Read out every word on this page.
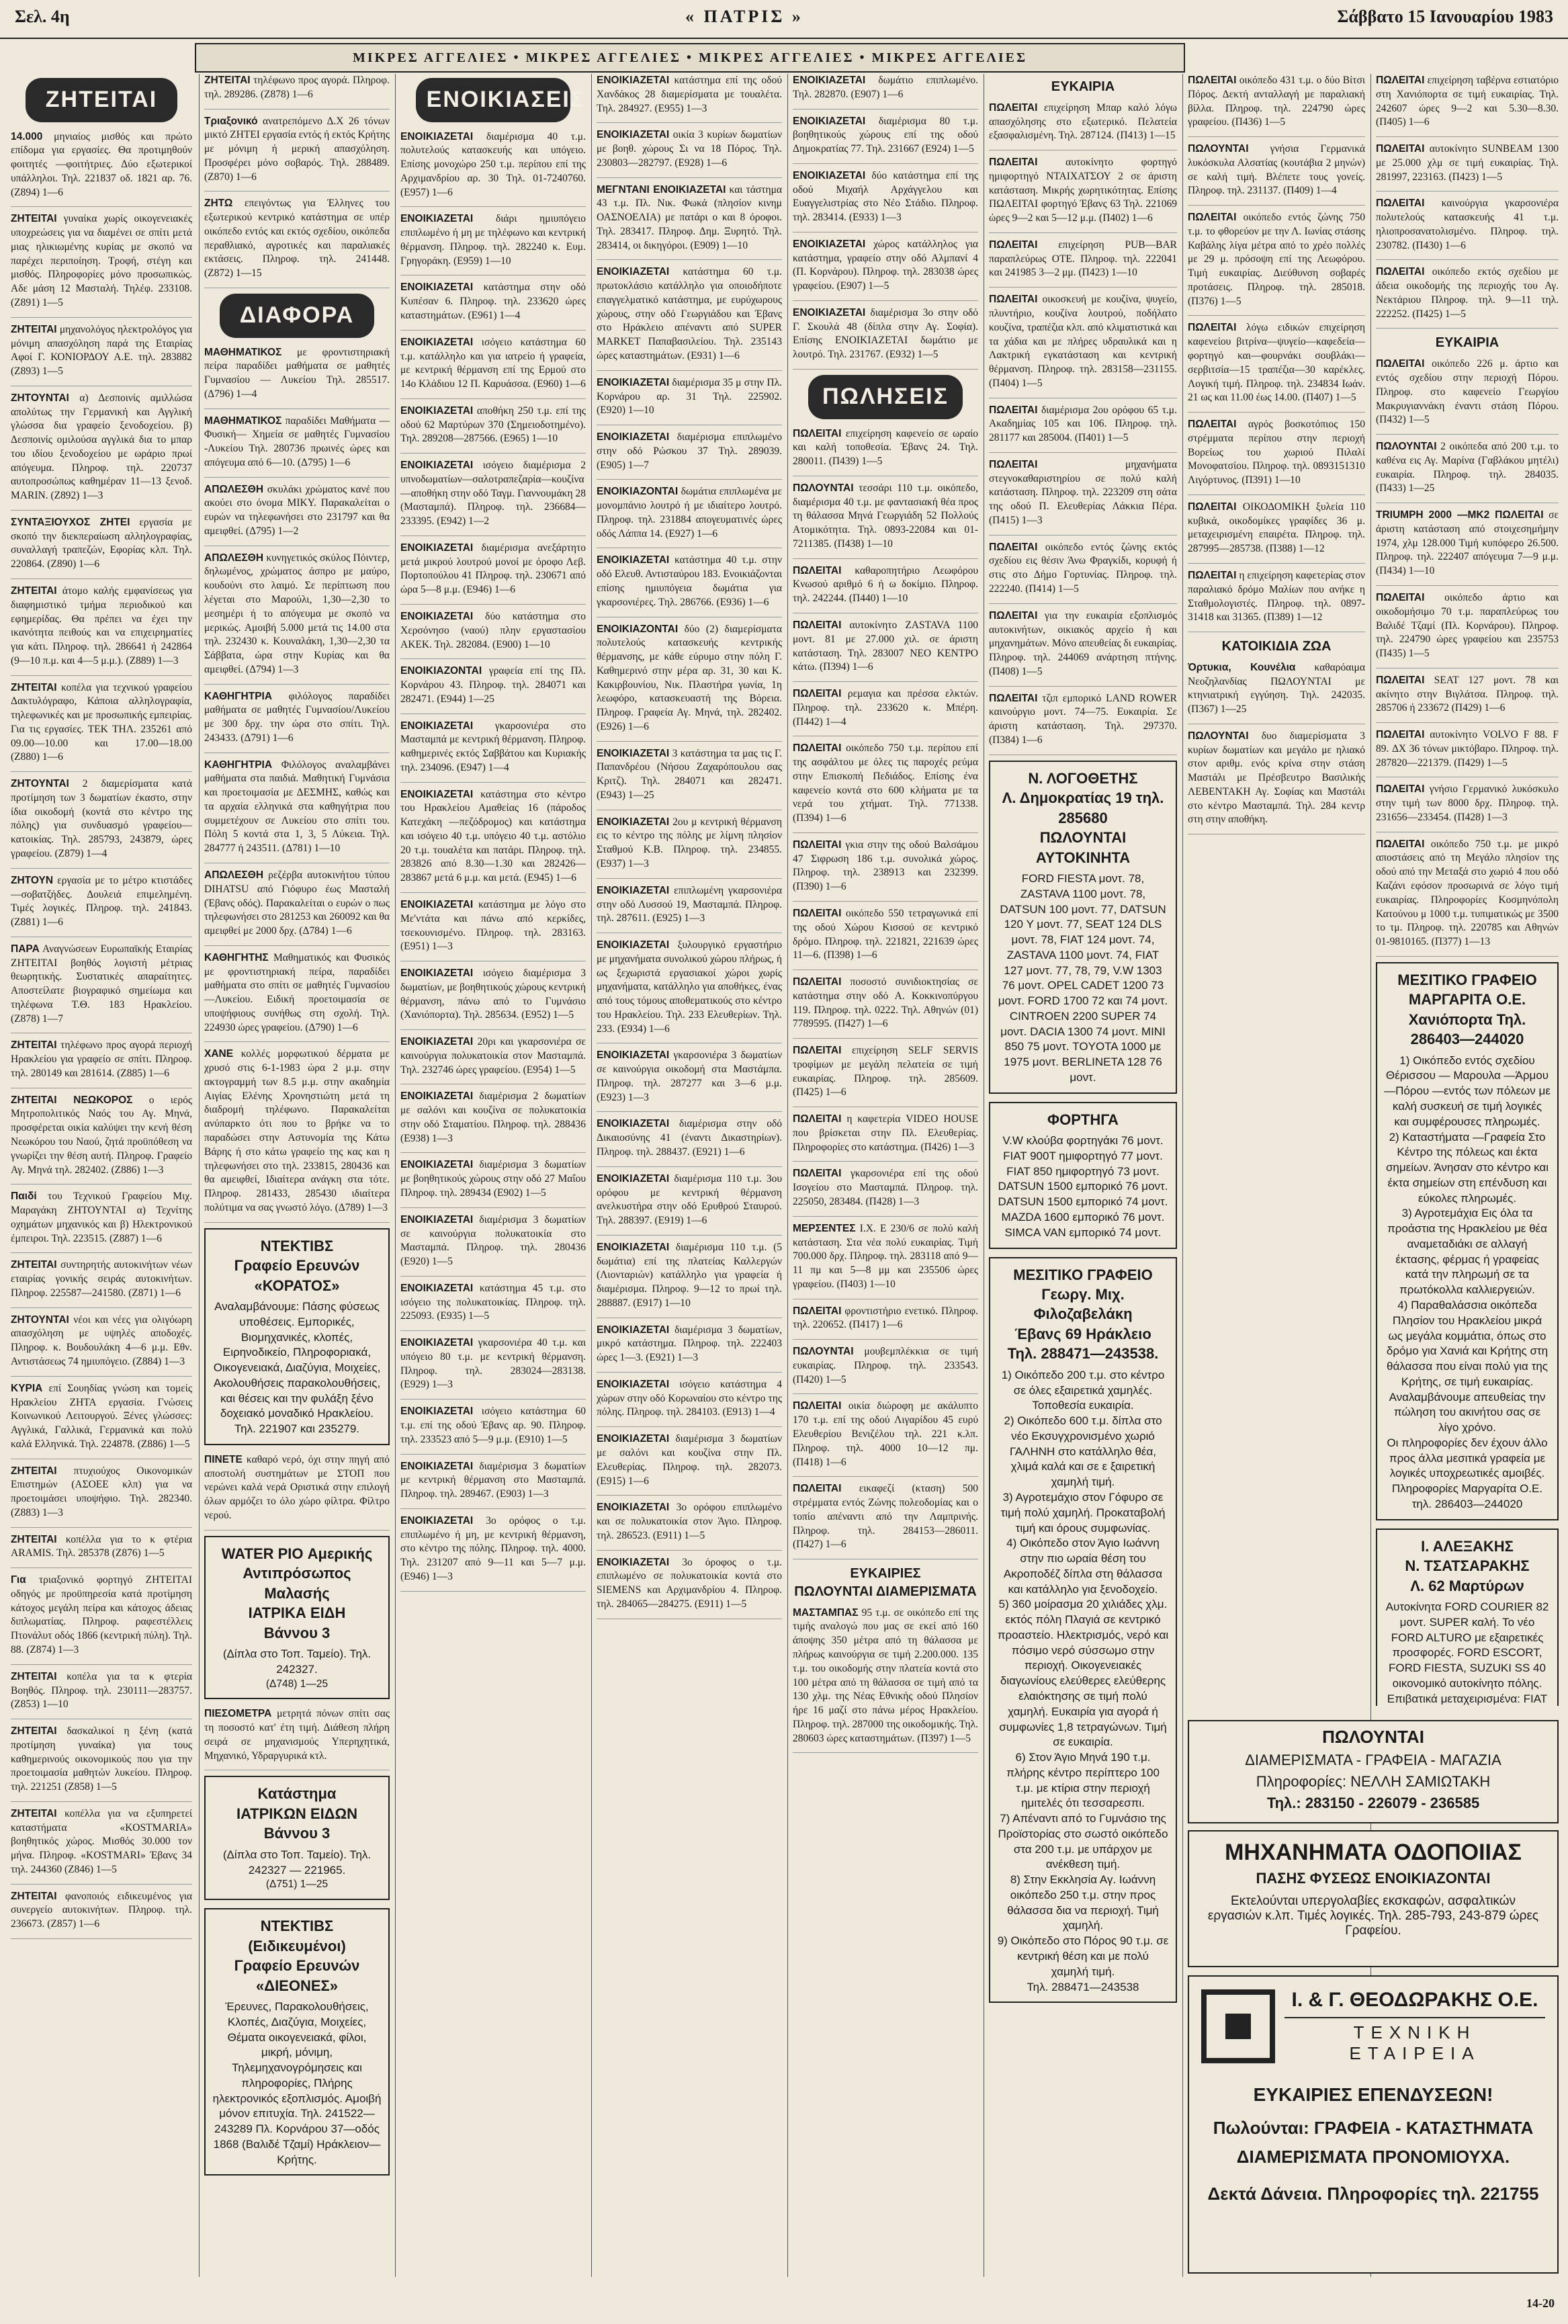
Σελ. 4η	« ΠΑΤΡΙΣ »	Σάββατο 15 Ιανουαρίου 1983
ΜΙΚΡΕΣ ΑΓΓΕΛΙΕΣ • ΜΙΚΡΕΣ ΑΓΓΕΛΙΕΣ • ΜΙΚΡΕΣ ΑΓΓΕΛΙΕΣ • ΜΙΚΡΕΣ ΑΓΓΕΛΙΕΣ
ΖΗΤΕΙΤΑΙ
14.000 μηνιαίος μισθός και πρώτο επίδομα για εργασίες. Θα προτιμηθούν φοιτητές —φοιτήτριες. Δύο εξωτερικοί υπάλληλοι. Τηλ. 221837 οδ. 1821 αρ. 76. (Ζ894) 1—6
ΖΗΤΕΙΤΑΙ γυναίκα χωρίς οικογενειακές υποχρεώσεις για να διαμένει σε σπίτι μετά μιας ηλικιωμένης κυρίας με σκοπό να παρέχει περιποίηση. Τροφή, στέγη και μισθός. Πληροφορίες μόνο προσωπικώς. Αδε μάση 12 Μασταλή. Τηλέφ. 233108. (Ζ891) 1—5
ΖΗΤΕΙΤΑΙ μηχανολόγος ηλεκτρολόγος για μόνιμη απασχόληση παρά της Εταιρίας Αφοί Γ. ΚΟΝΙΟΡΔΟΥ Α.Ε. τηλ. 283882 (Ζ893) 1—5
ΖΗΤΟΥΝΤΑΙ α) Δεσποινίς αμιλλώσα απολύτως την Γερμανική και Αγγλική γλώσσα δια γραφείο ξενοδοχείου. β) Δεσποινίς ομιλούσα αγγλικά δια το μπαρ του ιδίου ξενοδοχείου με ωράριο πρωί απόγευμα. Πληροφ. τηλ. 220737 αυτοπροσώπως καθημέραν 11—13 ξενοδ. MARIN. (Ζ892) 1—3
ΣΥΝΤΑΞΙΟΥΧΟΣ ΖΗΤΕΙ εργασία με σκοπό την διεκπεραίωση αλληλογραφίας, συναλλαγή τραπεζών, Εφορίας κλπ. Τηλ. 220864. (Ζ890) 1—6
ΖΗΤΕΙΤΑΙ άτομο καλής εμφανίσεως για διαφημιστικό τμήμα περιοδικού και εφημερίδας. Θα πρέπει να έχει την ικανότητα πειθούς και να επιχειρηματίες για κάτι. Πληροφ. τηλ. 286641 ή 242864 (9—10 π.μ. και 4—5 μ.μ.). (Ζ889) 1—3
ΖΗΤΕΙΤΑΙ κοπέλα για τεχνικού γραφείου Δακτυλόγραφο, Κάποια αλληλογραφία, τηλεφωνικές και με προσωπικής εμπειρίας. Για τις εργασίες. ΤΕΚ ΤΗΛ. 235261 από 09.00—10.00 και 17.00—18.00 (Ζ880) 1—6
ΖΗΤΟΥΝΤΑΙ 2 διαμερίσματα κατά προτίμηση των 3 δωματίων έκαστο, στην ίδια οικοδομή (κοντά στο κέντρο της πόλης) για συνδυασμό γραφείου—κατοικίας. Τηλ. 285793, 243879, ώρες γραφείου. (Ζ879) 1—4
ΖΗΤΟΥΝ εργασία με το μέτρο κτιστάδες —σοβατζήδες. Δουλειά επιμελημένη. Τιμές λογικές. Πληροφ. τηλ. 241843. (Ζ881) 1—6
ΠΑΡΑ Αναγνώσεων Ευρωπαϊκής Εταιρίας ΖΗΤΕΙΤΑΙ βοηθός λογιστή μέτριας θεωρητικής. Συστατικές απαραίτητες. Αποστείλατε βιογραφικό σημείωμα και τηλέφωνα Τ.Θ. 183 Ηρακλείου. (Ζ878) 1—7
ΖΗΤΕΙΤΑΙ τηλέφωνο προς αγορά περιοχή Ηρακλείου για γραφείο σε σπίτι. Πληροφ. τηλ. 280149 και 281614. (Ζ885) 1—6
ΖΗΤΕΙΤΑΙ ΝΕΩΚΟΡΟΣ ο ιερός Μητροπολιτικός Ναός του Αγ. Μηνά, προσφέρεται οικία καλύψει την κενή θέση Νεωκόρου του Ναού, ζητά προϋπόθεση να γνωρίζει την θέση αυτή. Πληροφ. Γραφείο Αγ. Μηνά τηλ. 282402. (Ζ886) 1—3
Παιδί του Τεχνικού Γραφείου Μιχ. Μαραγάκη ΖΗΤΟΥΝΤΑΙ α) Τεχνίτης οχημάτων μηχανικός και β) Ηλεκτρονικού έμπειροι. Τηλ. 223515. (Ζ887) 1—6
ΖΗΤΕΙΤΑΙ συντηρητής αυτοκινήτων νέων εταιρίας γονικής σειράς αυτοκινήτων. Πληροφ. 225587—241580. (Ζ871) 1—6
ΖΗΤΟΥΝΤΑΙ νέοι και νέες για ολιγόωρη απασχόληση με υψηλές αποδοχές. Πληροφ. κ. Βουδουλάκη 4—6 μ.μ. Εθν. Αντιστάσεως 74 ημιυπόγειο. (Ζ884) 1—3
ΚΥΡΙΑ επί Σουηδίας γνώση και τομείς Ηρακλείου ΖΗΤΑ εργασία. Γνώσεις Κοινωνικού Λειτουργού. Ξένες γλώσσες: Αγγλικά, Γαλλικά, Γερμανικά και πολύ καλά Ελληνικά. Τηλ. 224878. (Ζ886) 1—5
ΖΗΤΕΙΤΑΙ πτυχιούχος Οικονομικών Επιστημών (ΑΣΟΕΕ κλπ) για να προετοιμάσει υποψήφιο. Τηλ. 282340. (Ζ883) 1—3
ΖΗΤΕΙΤΑΙ κοπέλλα για το κ φτέρια ARAMIS. Τηλ. 285378 (Ζ876) 1—5
Για τριαξονικό φορτηγό ΖΗΤΕΙΤΑΙ οδηγός με προϋπηρεσία κατά προτίμηση κάτοχος μεγάλη πείρα και κάτοχος άδειας διπλωματίας. Πληροφ. ραφεστέλλεις Πτονάλυτ οδός 1866 (κεντρική πύλη). Τηλ. 88. (Ζ874) 1—3
ΖΗΤΕΙΤΑΙ κοπέλα για τα κ φτερία Βοηθός. Πληροφ. τηλ. 230111—283757. (Ζ853) 1—10
ΖΗΤΕΙΤΑΙ δασκαλικοί η ξένη (κατά προτίμηση γυναίκα) για τους καθημερινούς οικονομικούς που για την προετοιμασία μαθητών λυκείου. Πληροφ. τηλ. 221251 (Ζ858) 1—5
ΖΗΤΕΙΤΑΙ κοπέλλα για να εξυπηρετεί καταστήματα «KOSTMARIA» βοηθητικός χώρος. Μισθός 30.000 τον μήνα. Πληροφ. «KOSTMARI» Έβανς 34 τηλ. 244360 (Ζ846) 1—5
ΖΗΤΕΙΤΑΙ φανοποιός ειδικευμένος για συνεργείο αυτοκινήτων. Πληροφ. τηλ. 236673. (Ζ857) 1—6
ΖΗΤΕΙΤΑΙ τηλέφωνο προς αγορά. Πληροφ. τηλ. 289286. (Ζ878) 1—6
Τριαξονικό ανατρεπόμενο Δ.Χ 26 τόνων μικτό ΖΗΤΕΙ εργασία εντός ή εκτός Κρήτης με μόνιμη ή μερική απασχόληση. Προσφέρει μόνο σοβαρός. Τηλ. 288489. (Ζ870) 1—6
ΖΗΤΩ επειγόντως για Έλληνες του εξωτερικού κεντρικό κατάστημα σε υπέρ οικόπεδο εντός και εκτός σχεδίου, οικόπεδα περαθλιακό, αγροτικές και παραλιακές εκτάσεις. Πληροφ. τηλ. 241448. (Ζ872) 1—15
ΔΙΑΦΟΡΑ
ΜΑΘΗΜΑΤΙΚΟΣ με φροντιστηριακή πείρα παραδίδει μαθήματα σε μαθητές Γυμνασίου — Λυκείου Τηλ. 285517. (Δ796) 1—4
ΜΑΘΗΜΑΤΙΚΟΣ παραδίδει Μαθήματα —Φυσική— Χημεία σε μαθητές Γυμνασίου -Λυκείου Τηλ. 280736 πρωινές ώρες και απόγευμα από 6—10. (Δ795) 1—6
ΑΠΩΛΕΣΘΗ σκυλάκι χρώματος κανέ που ακούει στο όνομα ΜΙΚΥ. Παρακαλείται ο ευρών να τηλεφωνήσει στο 231797 και θα αμειφθεί. (Δ795) 1—2
ΑΠΩΛΕΣΘΗ κυνηγετικός σκύλος Πόιντερ, δηλωμένος, χρώματος άσπρο με μαύρο, κουδούνι στο λαιμό. Σε περίπτωση που λέγεται στο Μαρούλι, 1,30—2,30 το μεσημέρι ή το απόγευμα με σκοπό να μερικώς. Αμοιβή 5.000 μετά τις 14.00 στα τηλ. 232430 κ. Κουναλάκη, 1,30—2,30 τα Σάββατα, ώρα στην Κυρίας και θα αμειφθεί. (Δ794) 1—3
ΚΑΘΗΓΗΤΡΙΑ φιλόλογος παραδίδει μαθήματα σε μαθητές Γυμνασίου/Λυκείου με 300 δρχ. την ώρα στο σπίτι. Τηλ. 243433. (Δ791) 1—6
ΚΑΘΗΓΗΤΡΙΑ Φιλόλογος αναλαμβάνει μαθήματα στα παιδιά. Μαθητική Γυμνάσια και προετοιμασία με ΔΕΣΜΗΣ, καθώς και τα αρχαία ελληνικά στα καθηγήτρια που συμμετέχουν σε Λυκείου στο σπίτι του. Πόλη 5 κοντά στα 1, 3, 5 Λύκεια. Τηλ. 284777 ή 243511. (Δ781) 1—10
ΑΠΩΛΕΣΘΗ ρεζέρβα αυτοκινήτου τύπου DIHATSU από Γιόφυρο έως Μασταλή (Έβανς οδός). Παρακαλείται ο ευρών ο πως τηλεφωνήσει στο 281253 και 260092 και θα αμειφθεί με 2000 δρχ. (Δ784) 1—6
ΚΑΘΗΓΗΤΗΣ Μαθηματικός και Φυσικός με φροντιστηριακή πείρα, παραδίδει μαθήματα στο σπίτι σε μαθητές Γυμνασίου—Λυκείου. Ειδική προετοιμασία σε υποψήφιους συνήθως στη σχολή. Τηλ. 224930 ώρες γραφείου. (Δ790) 1—6
ΧΑΝΕ κολλές μορφωτικού δέρματα με χρυσό στις 6-1-1983 ώρα 2 μ.μ. στην ακτογραμμή των 8.5 μ.μ. στην ακαδημία Αιγίας Ελένης Χρονηστιώτη μετά τη διαδρομή τηλέφωνο. Παρακαλείται ανύπαρκτο ότι που το βρήκε να το παραδώσει στην Αστυνομία της Κάτω Βάρης ή στο κάτω γραφείο της κας και η τηλεφωνήσει στο τηλ. 233815, 280436 και θα αμειφθεί, Ιδιαίτερα ανάγκη στα τότε. Πληροφ. 281433, 285430 ιδιαίτερα πολύτιμα να σας γνωστό λόγο. (Δ789) 1—3
ΝΤΕΚΤΙΒΣ
Γραφείο Ερευνών
«ΚΟΡΑΤΟΣ»
Αναλαμβάνουμε: Πάσης φύσεως υποθέσεις. Εμπορικές, Βιομηχανικές, κλοπές, Ειρηνοδικείο, Πληροφοριακά, Οικογενειακά, Διαζύγια, Μοιχείες, Ακολουθήσεις παρακολουθήσεις, και θέσεις και την φυλάξη ξένο δοχειακό μοναδικό Ηρακλείου. Τηλ. 221907 και 235279.
ΠΙΝΕΤΕ καθαρό νερό, όχι στην πηγή από αποστολή συστημάτων με ΣΤΟΠ που νερώνει καλά νερά Οριστικά στην επιλογή όλων αρμόζει το όλο χώρο φίλτρα. Φίλτρο νερού.
WATER PIO Αμερικής
Αντιπρόσωπος Μαλασής
ΙΑΤΡΙΚΑ ΕΙΔΗ
Βάννου 3
(Δίπλα στο Τοπ. Ταμείο). Τηλ. 242327.
(Δ748) 1—25
ΠΙΕΣΟΜΕΤΡΑ μετρητά πόνων σπίτι σας τη ποσοστό κατ' έτη τιμή. Διάθεση πλήρη σειρά σε μηχανισμούς Υπερηχητικά, Μηχανικό, Υδραργυρικά κτλ.
Κατάστημα
ΙΑΤΡΙΚΩΝ ΕΙΔΩΝ
Βάννου 3
(Δίπλα στο Τοπ. Ταμείο). Τηλ. 242327 — 221965.
(Δ751) 1—25
ΝΤΕΚΤΙΒΣ
(Ειδικευμένοι)
Γραφείο Ερευνών
«ΔΙΕΟΝΕΣ»
Έρευνες, Παρακολουθήσεις, Κλοπές, Διαζύγια, Μοιχείες, Θέματα οικογενειακά, φίλοι, μικρή, μόνιμη, Τηλεμηχανογρόμησεις και πληροφορίες, Πλήρης ηλεκτρονικός εξοπλισμός. Αμοιβή μόνον επιτυχία. Τηλ. 241522—243289 Πλ. Κορνάρου 37—οδός 1868 (Βαλιδέ Τζαμί) Ηράκλειον—Κρήτης.
ΕΝΟΙΚΙΑΣΕΙΣ
ΕΝΟΙΚΙΑΖΕΤΑΙ διαμέρισμα 40 τ.μ. πολυτελούς κατασκευής και υπόγειο. Επίσης μονοχώρο 250 τ.μ. περίπου επί της Αρχιμανδρίου αρ. 30 Τηλ. 01-7240760. (Ε957) 1—6
ΕΝΟΙΚΙΑΖΕΤΑΙ διάρι ημιυπόγειο επιπλωμένο ή μη με τηλέφωνο και κεντρική θέρμανση. Πληροφ. τηλ. 282240 κ. Ευμ. Γρηγοράκη. (Ε959) 1—10
ΕΝΟΙΚΙΑΖΕΤΑΙ κατάστημα στην οδό Κυπέσαν 6. Πληροφ. τηλ. 233620 ώρες καταστημάτων. (Ε961) 1—4
ΕΝΟΙΚΙΑΖΕΤΑΙ ισόγειο κατάστημα 60 τ.μ. κατάλληλο και για ιατρείο ή γραφεία, με κεντρική θέρμανση επί της Ερμού στο 14ο Κλάδιου 12 Π. Καρυάσσα. (Ε960) 1—6
ΕΝΟΙΚΙΑΖΕΤΑΙ αποθήκη 250 τ.μ. επί της οδού 62 Μαρτύρων 370 (Σημειοδοτημένο). Τηλ. 289208—287566. (Ε965) 1—10
ΕΝΟΙΚΙΑΖΕΤΑΙ ισόγειο διαμέρισμα 2 υπνοδωματίων—σαλοτραπεζαρία—κουζίνα—αποθήκη στην οδό Ταγμ. Γιαννουμάκη 28 (Μασταμπά). Πληροφ. τηλ. 236684—233395. (Ε942) 1—2
ΕΝΟΙΚΙΑΖΕΤΑΙ διαμέρισμα ανεξάρτητο μετά μικρού λουτρού μονοί με όροφο Λεβ. Πορτοπούλου 41 Πληροφ. τηλ. 230671 από ώρα 5—8 μ.μ. (Ε946) 1—6
ΕΝΟΙΚΙΑΖΕΤΑΙ δύο κατάστημα στο Χερσόνησο (ναού) πλην εργαστασίου ΑΚΕΚ. Τηλ. 282084. (Ε900) 1—10
ΕΝΟΙΚΙΑΖΟΝΤΑΙ γραφεία επί της Πλ. Κορνάρου 43. Πληροφ. τηλ. 284071 και 282471. (Ε944) 1—25
ΕΝΟΙΚΙΑΖΕΤΑΙ γκαρσονιέρα στο Μασταμπά με κεντρική θέρμανση. Πληροφ. καθημερινές εκτός Σαββάτου και Κυριακής τηλ. 234096. (Ε947) 1—4
ΕΝΟΙΚΙΑΖΕΤΑΙ κατάστημα στο κέντρο του Ηρακλείου Αμαθείας 16 (πάροδος Κατεχάκη —πεζόδρομος) και κατάστημα και ισόγειο 40 τ.μ. υπόγειο 40 τ.μ. αστόλιο 20 τ.μ. τουαλέτα και πατάρι. Πληροφ. τηλ. 283826 από 8.30—1.30 και 282426—283867 μετά 6 μ.μ. και μετά. (Ε945) 1—6
ΕΝΟΙΚΙΑΖΕΤΑΙ κατάστημα με λόγο στο Με'ντάτα και πάνω από κερκίδες, τσεκουνισμένο. Πληροφ. τηλ. 283163. (Ε951) 1—3
ΕΝΟΙΚΙΑΖΕΤΑΙ ισόγειο διαμέρισμα 3 δωματίων, με βοηθητικούς χώρους κεντρική θέρμανση, πάνω από το Γυμνάσιο (Χανιόπορτα). Τηλ. 285634. (Ε952) 1—5
ΕΝΟΙΚΙΑΖΕΤΑΙ 20ρι και γκαρσονιέρα σε καινούργια πολυκατοικία στον Μασταμπά. Τηλ. 232746 ώρες γραφείου. (Ε954) 1—5
ΕΝΟΙΚΙΑΖΕΤΑΙ διαμέρισμα 2 δωματίων με σαλόνι και κουζίνα σε πολυκατοικία στην οδό Σταματίου. Πληροφ. τηλ. 288436 (Ε938) 1—3
ΕΝΟΙΚΙΑΖΕΤΑΙ διαμέρισμα 3 δωματίων με βοηθητικούς χώρους στην οδό 27 Μαΐου Πληροφ. τηλ. 289434 (Ε902) 1—5
ΕΝΟΙΚΙΑΖΕΤΑΙ διαμέρισμα 3 δωματίων σε καινούργια πολυκατοικία στο Μασταμπά. Πληροφ. τηλ. 280436 (Ε920) 1—5
ΕΝΟΙΚΙΑΖΕΤΑΙ κατάστημα 45 τ.μ. στο ισόγειο της πολυκατοικίας. Πληροφ. τηλ. 225093. (Ε935) 1—5
ΕΝΟΙΚΙΑΖΕΤΑΙ γκαρσονιέρα 40 τ.μ. και υπόγειο 80 τ.μ. με κεντρική θέρμανση. Πληροφ. τηλ. 283024—283138. (Ε929) 1—3
ΕΝΟΙΚΙΑΖΕΤΑΙ ισόγειο κατάστημα 60 τ.μ. επί της οδού Έβανς αρ. 90. Πληροφ. τηλ. 233523 από 5—9 μ.μ. (Ε910) 1—5
ΕΝΟΙΚΙΑΖΕΤΑΙ διαμέρισμα 3 δωματίων με κεντρική θέρμανση στο Μασταμπά. Πληροφ. τηλ. 289467. (Ε903) 1—3
ΕΝΟΙΚΙΑΖΕΤΑΙ 3ο ορόφος ο τ.μ. επιπλωμένο ή μη, με κεντρική θέρμανση, στο κέντρο της πόλης. Πληροφ. τηλ. 4000. Τηλ. 231207 από 9—11 και 5—7 μ.μ. (Ε946) 1—3
ΕΝΟΙΚΙΑΖΕΤΑΙ κατάστημα επί της οδού Χανδάκος 28 διαμερίσματα με τουαλέτα. Τηλ. 284927. (Ε955) 1—3
ΕΝΟΙΚΙΑΖΕΤΑΙ οικία 3 κυρίων δωματίων με βοηθ. χώρους Σι να 18 Πόρος. Τηλ. 230803—282797. (Ε928) 1—6
ΜΕΓΝΤΑΝΙ ΕΝΟΙΚΙΑΖΕΤΑΙ και τάστημα 43 τ.μ. Πλ. Νικ. Φωκά (πλησίον κινημ ΟΑΣΝΟΕΛΙΑ) με πατάρι ο και 8 όροφοι. Τηλ. 283417. Πληροφ. Δημ. Ξυρητό. Τηλ. 283414, οι δικηγόροι. (Ε909) 1—10
ΕΝΟΙΚΙΑΖΕΤΑΙ κατάστημα 60 τ.μ. πρωτοκλάσιο κατάλληλο για οποιοδήποτε επαγγελματικό κατάστημα, με ευρύχωρους χώρους, στην οδό Γεωργιάδου και Έβανς στο Ηράκλειο απέναντι από SUPER MARKET Παπαβασιλείου. Τηλ. 235143 ώρες καταστημάτων. (Ε931) 1—6
ΕΝΟΙΚΙΑΖΕΤΑΙ διαμέρισμα 35 μ στην Πλ. Κορνάρου αρ. 31 Τηλ. 225902. (Ε920) 1—10
ΕΝΟΙΚΙΑΖΕΤΑΙ διαμέρισμα επιπλωμένο στην οδό Ρώσκου 37 Τηλ. 289039. (Ε905) 1—7
ΕΝΟΙΚΙΑΖΟΝΤΑΙ δωμάτια επιπλωμένα με μονομπάνιο λουτρό ή με ιδιαίτερο λουτρό. Πληροφ. τηλ. 231884 απογευματινές ώρες οδός Λάππα 14. (Ε927) 1—6
ΕΝΟΙΚΙΑΖΕΤΑΙ κατάστημα 40 τ.μ. στην οδό Ελευθ. Αντισταύρου 183. Ενοικιάζονται επίσης ημιυπόγεια δωμάτια για γκαρσονιέρες. Τηλ. 286766. (Ε936) 1—6
ΕΝΟΙΚΙΑΖΟΝΤΑΙ δύο (2) διαμερίσματα πολυτελούς κατασκευής κεντρικής θέρμανσης, με κάθε εύρυμο στην πόλη Γ. Καθημερινό στην μέρα αρ. 31, 30 και Κ. Κακιρβουνίου, Νικ. Πλαστήρα γωνία, 1η λεωφόρο, κατασκευαστή της Βόρεια. Πληροφ. Γραφεία Αγ. Μηνά, τηλ. 282402. (Ε926) 1—6
ΕΝΟΙΚΙΑΖΕΤΑΙ 3 κατάστημα τα μας τις Γ. Παπανδρέου (Νήσου Ζαχαρόπουλου σας Κριτζ). Τηλ. 284071 και 282471. (Ε943) 1—25
ΕΝΟΙΚΙΑΖΕΤΑΙ 2ου μ κεντρική θέρμανση εις το κέντρο της πόλης με λίμνη πλησίον Σταθμού Κ.Β. Πληροφ. τηλ. 234855. (Ε937) 1—3
ΕΝΟΙΚΙΑΖΕΤΑΙ επιπλωμένη γκαρσονιέρα στην οδό Λυσσού 19, Μασταμπά. Πληροφ. τηλ. 287611. (Ε925) 1—3
ΕΝΟΙΚΙΑΖΕΤΑΙ ξυλουργικό εργαστήριο με μηχανήματα συνολικού χώρου πλήρως, ή ως ξεχωριστά εργασιακοί χώροι χωρίς μηχανήματα, κατάλληλο για αποθήκες, ένας από τους τόμους αποθεματικούς στο κέντρο του Ηρακλείου. Τηλ. 233 Ελευθερίων. Τηλ. 233. (Ε934) 1—6
ΕΝΟΙΚΙΑΖΕΤΑΙ γκαρσονιέρα 3 δωματίων σε καινούργια οικοδομή στα Μαστάμπα. Πληροφ. τηλ. 287277 και 3—6 μ.μ. (Ε923) 1—3
ΕΝΟΙΚΙΑΖΕΤΑΙ διαμέρισμα στην οδό Δικαιοσύνης 41 (έναντι Δικαστηρίων). Πληροφ. τηλ. 288437. (Ε921) 1—6
ΕΝΟΙΚΙΑΖΕΤΑΙ διαμέρισμα 110 τ.μ. 3ου ορόφου με κεντρική θέρμανση ανελκυστήρα στην οδό Ερυθρού Σταυρού. Τηλ. 288397. (Ε919) 1—6
ΕΝΟΙΚΙΑΖΕΤΑΙ διαμέρισμα 110 τ.μ. (5 δωμάτια) επί της πλατείας Καλλεργών (Λιονταριών) κατάλληλο για γραφεία ή διαμέρισμα. Πληροφ. 9—12 το πρωί τηλ. 288887. (Ε917) 1—10
ΕΝΟΙΚΙΑΖΕΤΑΙ διαμέρισμα 3 δωματίων, μικρό κατάστημα. Πληροφ. τηλ. 222403 ώρες 1—3. (Ε921) 1—3
ΕΝΟΙΚΙΑΖΕΤΑΙ ισόγειο κατάστημα 4 χώρων στην οδό Κορωναίου στο κέντρο της πόλης. Πληροφ. τηλ. 284103. (Ε913) 1—4
ΕΝΟΙΚΙΑΖΕΤΑΙ διαμέρισμα 3 δωματίων με σαλόνι και κουζίνα στην Πλ. Ελευθερίας. Πληροφ. τηλ. 282073. (Ε915) 1—6
ΕΝΟΙΚΙΑΖΕΤΑΙ 3ο ορόφου επιπλωμένο και σε πολυκατοικία στον Άγιο. Πληροφ. τηλ. 286523. (Ε911) 1—5
ΕΝΟΙΚΙΑΖΕΤΑΙ 3ο όροφος ο τ.μ. επιπλωμένο σε πολυκατοικία κοντά στο SIEMENS και Αρχιμανδρίου 4. Πληροφ. τηλ. 284065—284275. (Ε911) 1—5
ΕΝΟΙΚΙΑΖΕΤΑΙ δωμάτιο επιπλωμένο. Τηλ. 282870. (Ε907) 1—6
ΕΝΟΙΚΙΑΖΕΤΑΙ διαμέρισμα 80 τ.μ. βοηθητικούς χώρους επί της οδού Δημοκρατίας 77. Τηλ. 231667 (Ε924) 1—5
ΕΝΟΙΚΙΑΖΕΤΑΙ δύο κατάστημα επί της οδού Μιχαήλ Αρχάγγελου και Ευαγγελιστρίας στο Νέο Στάδιο. Πληροφ. τηλ. 283414. (Ε933) 1—3
ΕΝΟΙΚΙΑΖΕΤΑΙ χώρος κατάλληλος για κατάστημα, γραφείο στην οδό Αλμπανί 4 (Π. Κορνάρου). Πληροφ. τηλ. 283038 ώρες γραφείου. (Ε907) 1—5
ΕΝΟΙΚΙΑΖΕΤΑΙ διαμέρισμα 3ο στην οδό Γ. Σκουλά 48 (δίπλα στην Αγ. Σοφία). Επίσης ΕΝΟΙΚΙΑΖΕΤΑΙ δωμάτιο με λουτρό. Τηλ. 231767. (Ε932) 1—5
ΠΩΛΗΣΕΙΣ
ΠΩΛΕΙΤΑΙ επιχείρηση καφενείο σε ωραίο και καλή τοποθεσία. Έβανς 24. Τηλ. 280011. (Π439) 1—5
ΠΩΛΟΥΝΤΑΙ τεσσάρι 110 τ.μ. οικόπεδο, διαμέρισμα 40 τ.μ. με φαντασιακή θέα προς τη θάλασσα Μηνά Γεωργιάδη 52 Πολλούς Ατομικότητα. Τηλ. 0893-22084 και 01-7211385. (Π438) 1—10
ΠΩΛΕΙΤΑΙ καθαροπητήριο Λεωφόρου Κνωσού αριθμό 6 ή ω δοκίμιο. Πληροφ. τηλ. 242244. (Π440) 1—10
ΠΩΛΕΙΤΑΙ αυτοκίνητο ZASTAVA 1100 μοντ. 81 με 27.000 χιλ. σε άριστη κατάσταση. Τηλ. 283007 ΝΕΟ ΚΕΝΤΡΟ κάτω. (Π394) 1—6
ΠΩΛΕΙΤΑΙ ρεμαγια και πρέσσα ελκτών. Πληροφ. τηλ. 233620 κ. Μπέρη. (Π442) 1—4
ΠΩΛΕΙΤΑΙ οικόπεδο 750 τ.μ. περίπου επί της ασφάλτου με όλες τις παροχές ρεύμα στην Επισκοπή Πεδιάδος. Επίσης ένα καφενείο κοντά στο 600 κλήματα με τα νερά του χτήματ. Τηλ. 771338. (Π394) 1—6
ΠΩΛΕΙΤΑΙ γκια στην της οδού Βαλσάμου 47 Σιφρωση 186 τ.μ. συνολικά χώρος. Πληροφ. τηλ. 238913 και 232399. (Π390) 1—6
ΠΩΛΕΙΤΑΙ οικόπεδο 550 τετραγωνικά επί της οδού Χώρου Κισσού σε κεντρικό δρόμο. Πληροφ. τηλ. 221821, 221639 ώρες 11—6. (Π398) 1—6
ΠΩΛΕΙΤΑΙ ποσοστό συνιδιοκτησίας σε κατάστημα στην οδό Α. Κοκκινοπύργου 119. Πληροφ. τηλ. 0222. Τηλ. Αθηνών (01) 7789595. (Π427) 1—6
ΠΩΛΕΙΤΑΙ επιχείρηση SELF SERVIS τροφίμων με μεγάλη πελατεία σε τιμή ευκαιρίας. Πληροφ. τηλ. 285609. (Π425) 1—6
ΠΩΛΕΙΤΑΙ η καφετερία VIDEO HOUSE που βρίσκεται στην Πλ. Ελευθερίας. Πληροφορίες στο κατάστημα. (Π426) 1—3
ΠΩΛΕΙΤΑΙ γκαρσονιέρα επί της οδού Ισογείου στο Μασταμπά. Πληροφ. τηλ. 225050, 283484. (Π428) 1—3
ΜΕΡΣΕΝΤΕΣ Ι.Χ. Ε 230/6 σε πολύ καλή κατάσταση. Στα νέα πολύ ευκαιρίας. Τιμή 700.000 δρχ. Πληροφ. τηλ. 283118 από 9—11 πμ και 5—8 μμ και 235506 ώρες γραφείου. (Π403) 1—10
ΠΩΛΕΙΤΑΙ φροντιστήριο ενετικό. Πληροφ. τηλ. 220652. (Π417) 1—6
ΠΩΛΟΥΝΤΑΙ μουβεμπλέκκια σε τιμή ευκαιρίας. Πληροφ. τηλ. 233543. (Π420) 1—5
ΠΩΛΕΙΤΑΙ οικία διώροφη με ακάλυπτο 170 τ.μ. επί της οδού Λιγαρίδου 45 ευρύ Ελευθερίου Βενιζέλου τηλ. 221 κ.λπ. Πληροφ. τηλ. 4000 10—12 πμ. (Π418) 1—6
ΠΩΛΕΙΤΑΙ εικαφεζί (κταση) 500 στρέμματα εντός Ζώνης πολεοδομίας και ο τοπίο απέναντι από την Λαμπρινής. Πληροφ. τηλ. 284153—286011. (Π427) 1—6
ΕΥΚΑΙΡΙΕΣ
ΠΩΛΟΥΝΤΑΙ ΔΙΑΜΕΡΙΣΜΑΤΑ
ΜΑΣΤΑΜΠΑΣ 95 τ.μ. σε οικόπεδο επί της τιμής αναλογώ που μας σε εκεί από 160 άποψης 350 μέτρα από τη θάλασσα με πλήρως καινούργια σε τιμή 2.200.000. 135 τ.μ. του οικοδομής στην πλατεία κοντά στο 100 μέτρα από τη θάλασσα σε τιμή από τα 130 χλμ. της Νέας Εθνικής οδού Πλησίον ήρε 16 μαζί στο πάνω μέρος Ηρακλείου. Πληροφ. τηλ. 287000 της οικοδομικής. Τηλ. 280603 ώρες καταστημάτων. (Π397) 1—5
ΕΥΚΑΙΡΙΑ
ΠΩΛΕΙΤΑΙ επιχείρηση Μπαρ καλό λόγω απασχόλησης στο εξωτερικό. Πελατεία εξασφαλισμένη. Τηλ. 287124. (Π413) 1—15
ΠΩΛΕΙΤΑΙ	αυτοκίνητο φορτηγό ημιφορτηγό ΝΤΑΙΧΑΤΣΟΥ 2 σε άριστη κατάσταση. Μικρής χωρητικότητας. Επίσης ΠΩΛΕΙΤΑΙ φορτηγό Έβανς 63 Τηλ. 221069 ώρες 9—2 και 5—12 μ.μ. (Π402) 1—6
ΠΩΛΕΙΤΑΙ επιχείρηση PUB—BAR παραπλεύρως ΟΤΕ. Πληροφ. τηλ. 222041 και 241985 3—2 μμ. (Π423) 1—10
ΠΩΛΕΙΤΑΙ οικοσκευή με κουζίνα, ψυγείο, πλυντήριο, κουζίνα λουτρού, ποδήλατο κουζίνα, τραπέζια κλπ. από κλιματιστικά και τα χάδια και με πλήρες υδραυλικά και η Λακτρική εγκατάσταση και κεντρική θέρμανση. Πληροφ. τηλ. 283158—231155. (Π404) 1—5
ΠΩΛΕΙΤΑΙ διαμέρισμα 2ου ορόφου 65 τ.μ. Ακαδημίας 105 και 106. Πληροφ. τηλ. 281177 και 285004. (Π401) 1—5
ΠΩΛΕΙΤΑΙ	μηχανήματα στεγνοκαθαριστηρίου σε πολύ καλή κατάσταση. Πληροφ. τηλ. 223209 στη σάτα της οδού Π. Ελευθερίας Λάκκια Πέρα. (Π415) 1—3
ΠΩΛΕΙΤΑΙ οικόπεδο εντός ζώνης εκτός σχεδίου εις θέσιν Άνω Φραγκίδι, κορυφή ή στις στο Δήμο Γορτυνίας. Πληροφ. τηλ. 222240. (Π414) 1—5
ΠΩΛΕΙΤΑΙ για την ευκαιρία εξοπλισμός αυτοκινήτων, οικιακός αρχείο ή και μηχανημάτων. Μόνο απευθείας δι ευκαιρίας. Πληροφ. τηλ. 244069 ανάρτηση πτήνης. (Π408) 1—5
ΠΩΛΕΙΤΑΙ τζιπ εμπορικό LAND ROWER καινούργιο μοντ. 74—75. Ευκαιρία. Σε άριστη κατάσταση. Τηλ. 297370. (Π384) 1—6
Ν. ΛΟΓΟΘΕΤΗΣ
Λ. Δημοκρατίας 19 τηλ. 285680
ΠΩΛΟΥΝΤΑΙ ΑΥΤΟΚΙΝΗΤΑ
FORD FIESTA μοντ. 78, ZASTAVA 1100 μοντ. 78, DATSUN 100 μοντ. 77, DATSUN 120 Υ μοντ. 77, SEAT 124 DLS μοντ. 78, FIAT 124 μοντ. 74, ZASTAVA 1100 μοντ. 74, FIAT 127 μοντ. 77, 78, 79, V.W 1303 76 μοντ. OPEL CADET 1200 73 μοντ. FORD 1700 72 και 74 μοντ. CINTROEN 2200 SUPER 74 μοντ. DACIA 1300 74 μοντ. MINI 850 75 μοντ. TOYOTA 1000 με 1975 μοντ. BERLINETA 128 76 μοντ.
ΦΟΡΤΗΓΑ
V.W κλούβα φορτηγάκι 76 μοντ. FIAT 900T ημιφορτηγό 77 μοντ. FIAT 850 ημιφορτηγό 73 μοντ. DATSUN 1500 εμπορικό 76 μοντ. DATSUN 1500 εμπορικό 74 μοντ. MAZDA 1600 εμπορικό 76 μοντ. SIMCA VAN εμπορικό 74 μοντ.
ΜΕΣΙΤΙΚΟ ΓΡΑΦΕΙΟ
Γεωργ. Μιχ. Φιλοζαβελάκη
Έβανς 69 Ηράκλειο
Τηλ. 288471—243538.
1) Οικόπεδο 200 τ.μ. στο κέντρο σε όλες εξαιρετικά χαμηλές. Τοποθεσία ευκαιρία.
2) Οικόπεδο 600 τ.μ. δίπλα στο νέο Εκσυγχρονισμένο χωριό ΓΑΛΗΝΗ στο κατάλληλο θέα, χλιμά καλά και σε ε ξαιρετική χαμηλή τιμή.
3) Αγροτεμάχιο στον Γόφυρο σε τιμή πολύ χαμηλή. Προκαταβολή τιμή και όρους συμφωνίας.
4) Οικόπεδο στον Άγιο Ιωάννη στην πιο ωραία θέση του Ακροποδέζ δίπλα στη θάλασσα και κατάλληλο για ξενοδοχείο.
5) 360 μοίρασμα 20 χιλιάδες χλμ. εκτός πόλη Πλαγιά σε κεντρικό προαστείο. Ηλεκτρισμός, νερό και πόσιμο νερό σύσσωμο στην περιοχή. Οικογενειακές διαγωνίους ελεύθερες ελεύθερης ελαιόκτησης σε τιμή πολύ χαμηλή. Ευκαιρία για αγορά ή συμφωνίες 1,8 τετραγώνων. Τιμή σε ευκαιρία.
6) Στον Άγιο Μηνά 190 τ.μ. πλήρης κέντρο περίπτερο 100 τ.μ. με κτίρια στην περιοχή ημιτελές ότι τεσσαρεσπι.
7) Απέναντι από το Γυμνάσιο της Προϊστορίας στο σωστό οικόπεδο στα 200 τ.μ. με υπάρχον με ανέκθεση τιμή.
8) Στην Εκκλησία Αγ. Ιωάννη οικόπεδο 250 τ.μ. στην προς θάλασσα δια να περιοχή. Τιμή χαμηλή.
9) Οικόπεδο στο Πόρος 90 τ.μ. σε κεντρική θέση και με πολύ χαμηλή τιμή.
Τηλ. 288471—243538
ΠΩΛΕΙΤΑΙ οικόπεδο 431 τ.μ. ο δύο Βίτσι Πόρος. Δεκτή ανταλλαγή με παραλιακή βίλλα. Πληροφ. τηλ. 224790 ώρες γραφείου. (Π436) 1—5
ΠΩΛΟΥΝΤΑΙ γνήσια Γερμανικά λυκόσκυλα Αλσατίας (κουτάβια 2 μηνών) σε καλή τιμή. Βλέπετε τους γονείς. Πληροφ. τηλ. 231137. (Π409) 1—4
ΠΩΛΕΙΤΑΙ οικόπεδο εντός ζώνης 750 τ.μ. το φθορεύον με την Λ. Ιωνίας στάσης Καβάλης λίγα μέτρα από το χρέο πολλές με 29 μ. πρόσοψη επί της Λεωφόρου. Τιμή ευκαιρίας. Διεύθυνση σοβαρές προτάσεις. Πληροφ. τηλ. 285018. (Π376) 1—5
ΠΩΛΕΙΤΑΙ λόγω ειδικών επιχείρηση καφενείου βιτρίνα—ψυγείο—καφεδεία—φορτηγό και—φουρνάκι σουβλάκι—σερβιτσία—15 τραπέζια—30 καρέκλες. Λογική τιμή. Πληροφ. τηλ. 234834 Ιωάν. 21 ως και 11.00 έως 14.00. (Π407) 1—5
ΠΩΛΕΙΤΑΙ αγρός βοσκοτόπιος 150 στρέμματα περίπου στην περιοχή Βορείως του χωριού Πιλαλί Μονοφατσίου. Πληροφ. τηλ. 0893151310 Λιγόρτυνος. (Π391) 1—10
ΠΩΛΕΙΤΑΙ ΟΙΚΟΔΟΜΙΚΗ ξυλεία 110 κυβικά, οικοδομίκες γραφίδες 36 μ. μεταχειρισμένη επαιρέτα. Πληροφ. τηλ. 287995—285738. (Π388) 1—12
ΠΩΛΕΙΤΑΙ η επιχείρηση καφετερίας στον παραλιακό δρόμο Μαλίων που ανήκε η Σταθμολογιστές. Πληροφ. τηλ. 0897-31418 και 31365. (Π389) 1—12
ΚΑΤΟΙΚΙΔΙΑ ΖΩΑ
Όρτυκια, Κουνέλια καθαρόαιμα Νεοζηλανδίας ΠΩΛΟΥΝΤΑΙ με κτηνιατρική εγγύηση. Τηλ. 242035. (Π367) 1—25
ΠΩΛΟΥΝΤΑΙ δυο διαμερίσματα 3 κυρίων δωματίων και μεγάλο με ηλιακό στον αριθμ. ενός κρίνα στην στάση Μαστάλι με Πρέσβευτρο Βασιλικής ΛΕΒΕΝΤΑΚΗ Αγ. Σοφίας και Μαστάλι στο κέντρο Μασταμπά. Τηλ. 284 κεντρ στη στην αποθήκη.
ΠΩΛΕΙΤΑΙ επιχείρηση ταβέρνα εστιατόριο στη Χανιόπορτα σε τιμή ευκαιρίας. Τηλ. 242607 ώρες 9—2 και 5.30—8.30. (Π405) 1—6
ΠΩΛΕΙΤΑΙ αυτοκίνητο SUNBEAM 1300 με 25.000 χλμ σε τιμή ευκαιρίας. Τηλ. 281997, 223163. (Π423) 1—5
ΠΩΛΕΙΤΑΙ καινούργια γκαρσονιέρα πολυτελούς κατασκευής 41 τ.μ. ηλιοπροσανατολισμένο. Πληροφ. τηλ. 230782. (Π430) 1—6
ΠΩΛΕΙΤΑΙ οικόπεδο εκτός σχεδίου με άδεια οικοδομής της περιοχής του Αγ. Νεκτάριου Πληροφ. τηλ. 9—11 τηλ. 222252. (Π425) 1—5
ΕΥΚΑΙΡΙΑ
ΠΩΛΕΙΤΑΙ οικόπεδο 226 μ. άρτιο και εντός σχεδίου στην περιοχή Πόρου. Πληροφ. στο καφενείο Γεωργίου Μακρυγιαννάκη έναντι στάση Πόρου. (Π432) 1—5
ΠΩΛΟΥΝΤΑΙ 2 οικόπεδα από 200 τ.μ. το καθένα εις Αγ. Μαρίνα (Γαβλάκου μητέλι) ευκαιρία. Πληροφ. τηλ. 284035. (Π433) 1—25
TRIUMPH 2000 —ΜΚ2 ΠΩΛΕΙΤΑΙ σε άριστη κατάσταση από στοιχεσημήμην 1974, χλμ 128.000 Τιμή κυπόφερο 26.500. Πληροφ. τηλ. 222407 απόγευμα 7—9 μ.μ. (Π434) 1—10
ΠΩΛΕΙΤΑΙ οικόπεδο άρτιο και οικοδομήσιμο 70 τ.μ. παραπλεύρως του Βαλιδέ Τζαμί (Πλ. Κορνάρου). Πληροφ. τηλ. 224790 ώρες γραφείου και 235753 (Π435) 1—5
ΠΩΛΕΙΤΑΙ SEAT 127 μοντ. 78 και ακίνητο στην Βιγλάτσα. Πληροφ. τηλ. 285706 ή 233672 (Π429) 1—6
ΠΩΛΕΙΤΑΙ αυτοκίνητο VOLVO F 88. F 89. ΔΧ 36 τόνων μικτόβαρο. Πληροφ. τηλ. 287820—221379. (Π429) 1—5
ΠΩΛΕΙΤΑΙ γνήσιο Γερμανικό λυκόσκυλο στην τιμή των 8000 δρχ. Πληροφ. τηλ. 231656—233454. (Π428) 1—3
ΠΩΛΕΙΤΑΙ οικόπεδο 750 τ.μ. με μικρό αποστάσεις από τη Μεγάλο πλησίον της οδού από την Μεταξά στο χωριό 4 που οδό Καζάνι εφόσον προσωρινά σε λόγο τιμή ευκαιρίας. Πληροφορίες Κοσμηνόπολη Κατούνου μ 1000 τ.μ. τυπιματικώς με 3500 το τμ. Πληροφ. τηλ. 220785 και Αθηνών 01-9810165. (Π377) 1—13
ΜΕΣΙΤΙΚΟ ΓΡΑΦΕΙΟ
ΜΑΡΓΑΡΙΤΑ Ο.Ε.
Χανιόπορτα Τηλ. 286403—244020
1) Οικόπεδο εντός σχεδίου Θέρισσου — Μαρουλα —Άρμου —Πόρου —εντός των πόλεων με καλή συσκευή σε τιμή λογικές και συμφέρουσες πληρωμές.
2) Καταστήματα —Γραφεία Στο Κέντρο της πόλεως και έκτα σημείων. Άνησαν στο κέντρο και έκτα σημείων στη επένδυση και εύκολες πληρωμές.
3) Αγροτεμάχια Εις όλα τα προάστια της Ηρακλείου με θέα αναμεταδιάκι σε αλλαγή έκτασης, φέρμας ή γραφείας κατά την πληρωμή σε τα πρωτόκολλα καλλιεργειών.
4) Παραθαλάσσια οικόπεδα Πλησίον του Ηρακλείου μικρά ως μεγάλα κομμάτια, όπως στο δρόμο για Χανιά και Κρήτης στη θάλασσα που είναι πολύ για της Κρήτης, σε τιμή ευκαιρίας.
Αναλαμβάνουμε απευθείας την πώληση του ακινήτου σας σε λίγο χρόνο.
Οι πληροφορίες δεν έχουν άλλο προς άλλα μεσιτικά γραφεία με λογικές υποχρεωτικές αμοιβές. Πληροφορίες Μαργαρίτα Ο.Ε. τηλ. 286403—244020
Ι. ΑΛΕΞΑΚΗΣ
Ν. ΤΣΑΤΣΑΡΑΚΗΣ
Λ. 62 Μαρτύρων
Αυτοκίνητα FORD COURIER 82 μοντ. SUPER καλή. Το νέο FORD ALTURO με εξαιρετικές προσφορές. FORD ESCORT, FORD FIESTA, SUZUKI SS 40 οικονομικό αυτοκίνητο πόλης. Επιβατικά μεταχειρισμένα: FIAT
ΠΩΛΟΥΝΤΑΙ
ΔΙΑΜΕΡΙΣΜΑΤΑ - ΓΡΑΦΕΙΑ - ΜΑΓΑΖΙΑ
Πληροφορίες: ΝΕΛΛΗ ΣΑΜΙΩΤΑΚΗ
Τηλ.: 283150 - 226079 - 236585
ΜΗΧΑΝΗΜΑΤΑ ΟΔΟΠΟΙΙΑΣ
ΠΑΣΗΣ ΦΥΣΕΩΣ ΕΝΟΙΚΙΑΖΟΝΤΑΙ
Εκτελούνται υπεργολαβίες εκσκαφών, ασφαλτικών εργασιών κ.λπ. Τιμές λογικές. Τηλ. 285-793, 243-879 ώρες Γραφείου.
Ι. & Γ. ΘΕΟΔΩΡΑΚΗΣ Ο.Ε.
ΤΕΧΝΙΚΗ ΕΤΑΙΡΕΙΑ
ΕΥΚΑΙΡΙΕΣ ΕΠΕΝΔΥΣΕΩΝ!
Πωλούνται: ΓΡΑΦΕΙΑ - ΚΑΤΑΣΤΗΜΑΤΑ
ΔΙΑΜΕΡΙΣΜΑΤΑ ΠΡΟΝΟΜΙΟΥΧΑ.
Δεκτά Δάνεια. Πληροφορίες τηλ. 221755
14-20
